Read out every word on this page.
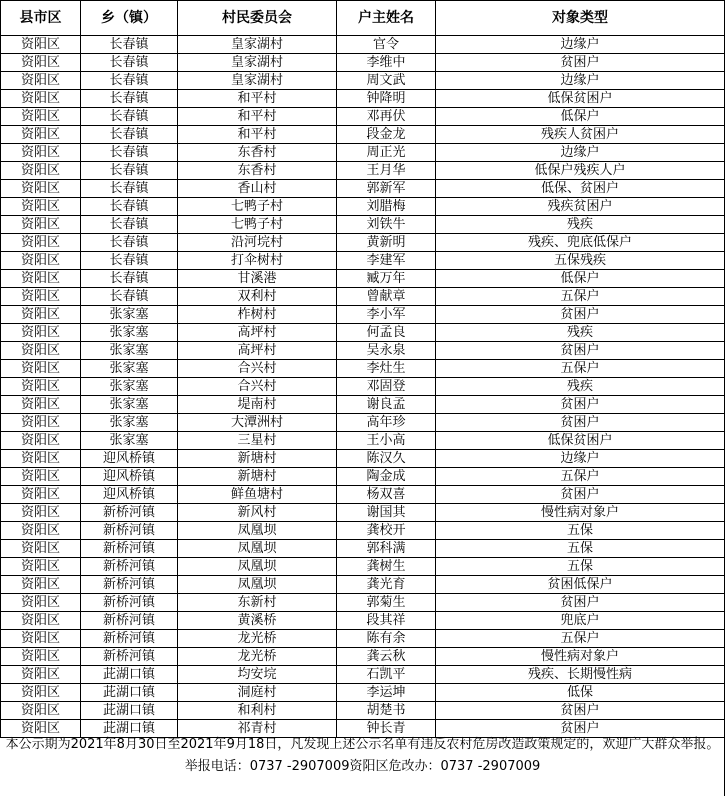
县市区	乡（镇）	村民委员会	户主姓名	对象类型
资阳区	长春镇	皇家湖村	官令	边缘户
资阳区	长春镇	皇家湖村	李维中	贫困户
资阳区	长春镇	皇家湖村	周文武	边缘户
资阳区	长春镇	和平村	钟降明	低保贫困户
资阳区	长春镇	和平村	邓再伏	低保户
资阳区	长春镇	和平村	段金龙	残疾人贫困户
资阳区	长春镇	东香村	周正光	边缘户
资阳区	长春镇	东香村	王月华	低保户残疾人户
资阳区	长春镇	香山村	郭新军	低保、贫困户
资阳区	长春镇	七鸭子村	刘腊梅	残疾贫困户
资阳区	长春镇	七鸭子村	刘铁牛	残疾
资阳区	长春镇	沿河垸村	黄新明	残疾、兜底低保户
资阳区	长春镇	打伞树村	李建军	五保残疾
资阳区	长春镇	甘溪港	臧万年	低保户
资阳区	长春镇	双利村	曾献章	五保户
资阳区	张家塞	柞树村	李小军	贫困户
资阳区	张家塞	高坪村	何孟良	残疾
资阳区	张家塞	高坪村	吴永泉	贫困户
资阳区	张家塞	合兴村	李灶生	五保户
资阳区	张家塞	合兴村	邓固登	残疾
资阳区	张家塞	堤南村	谢良孟	贫困户
资阳区	张家塞	大潭洲村	高年珍	贫困户
资阳区	张家塞	三星村	王小高	低保贫困户
资阳区	迎风桥镇	新塘村	陈汉久	边缘户
资阳区	迎风桥镇	新塘村	陶金成	五保户
资阳区	迎风桥镇	鲜鱼塘村	杨双喜	贫困户
资阳区	新桥河镇	新风村	谢国其	慢性病对象户
资阳区	新桥河镇	凤凰坝	龚校开	五保
资阳区	新桥河镇	凤凰坝	郭科满	五保
资阳区	新桥河镇	凤凰坝	龚树生	五保
资阳区	新桥河镇	凤凰坝	龚光育	贫困低保户
资阳区	新桥河镇	东新村	郭菊生	贫困户
资阳区	新桥河镇	黄溪桥	段其祥	兜底户
资阳区	新桥河镇	龙光桥	陈有余	五保户
资阳区	新桥河镇	龙光桥	龚云秋	慢性病对象户
资阳区	茈湖口镇	均安垸	石凯平	残疾、长期慢性病
资阳区	茈湖口镇	洞庭村	李运坤	低保
资阳区	茈湖口镇	和利村	胡楚书	贫困户
资阳区	茈湖口镇	祁青村	钟长青	贫困户
本公示期为2021年8月30日至2021年9月18日，凡发现上述公示名单有违反农村危房改造政策规定的，欢迎广大群众举报。
举报电话：0737 -2907009资阳区危改办：0737 -2907009
